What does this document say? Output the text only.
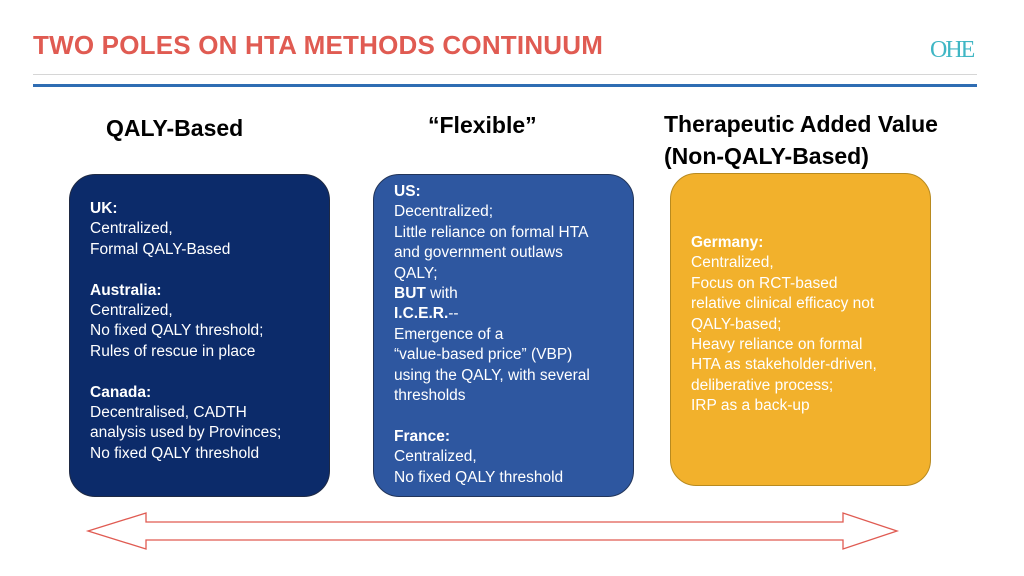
TWO POLES ON HTA METHODS CONTINUUM	OHE
QALY-Based	“Flexible”	Therapeutic Added Value
(Non-QALY-Based)
UK:
Centralized,
Formal QALY-Based
Australia:
Centralized,
No fixed QALY threshold;
Rules of rescue in place
Canada:
Decentralised, CADTH
analysis used by Provinces;
No fixed QALY threshold
US:
Decentralized;
Little reliance on formal HTA
and government outlaws
QALY;
BUT with
I.C.E.R.--
Emergence of a
“value-based price” (VBP)
using the QALY, with several
thresholds
France:
Centralized,
No fixed QALY threshold
Germany:
Centralized,
Focus on RCT-based
relative clinical efficacy not
QALY-based;
Heavy reliance on formal
HTA as stakeholder-driven,
deliberative process;
IRP as a back-up
